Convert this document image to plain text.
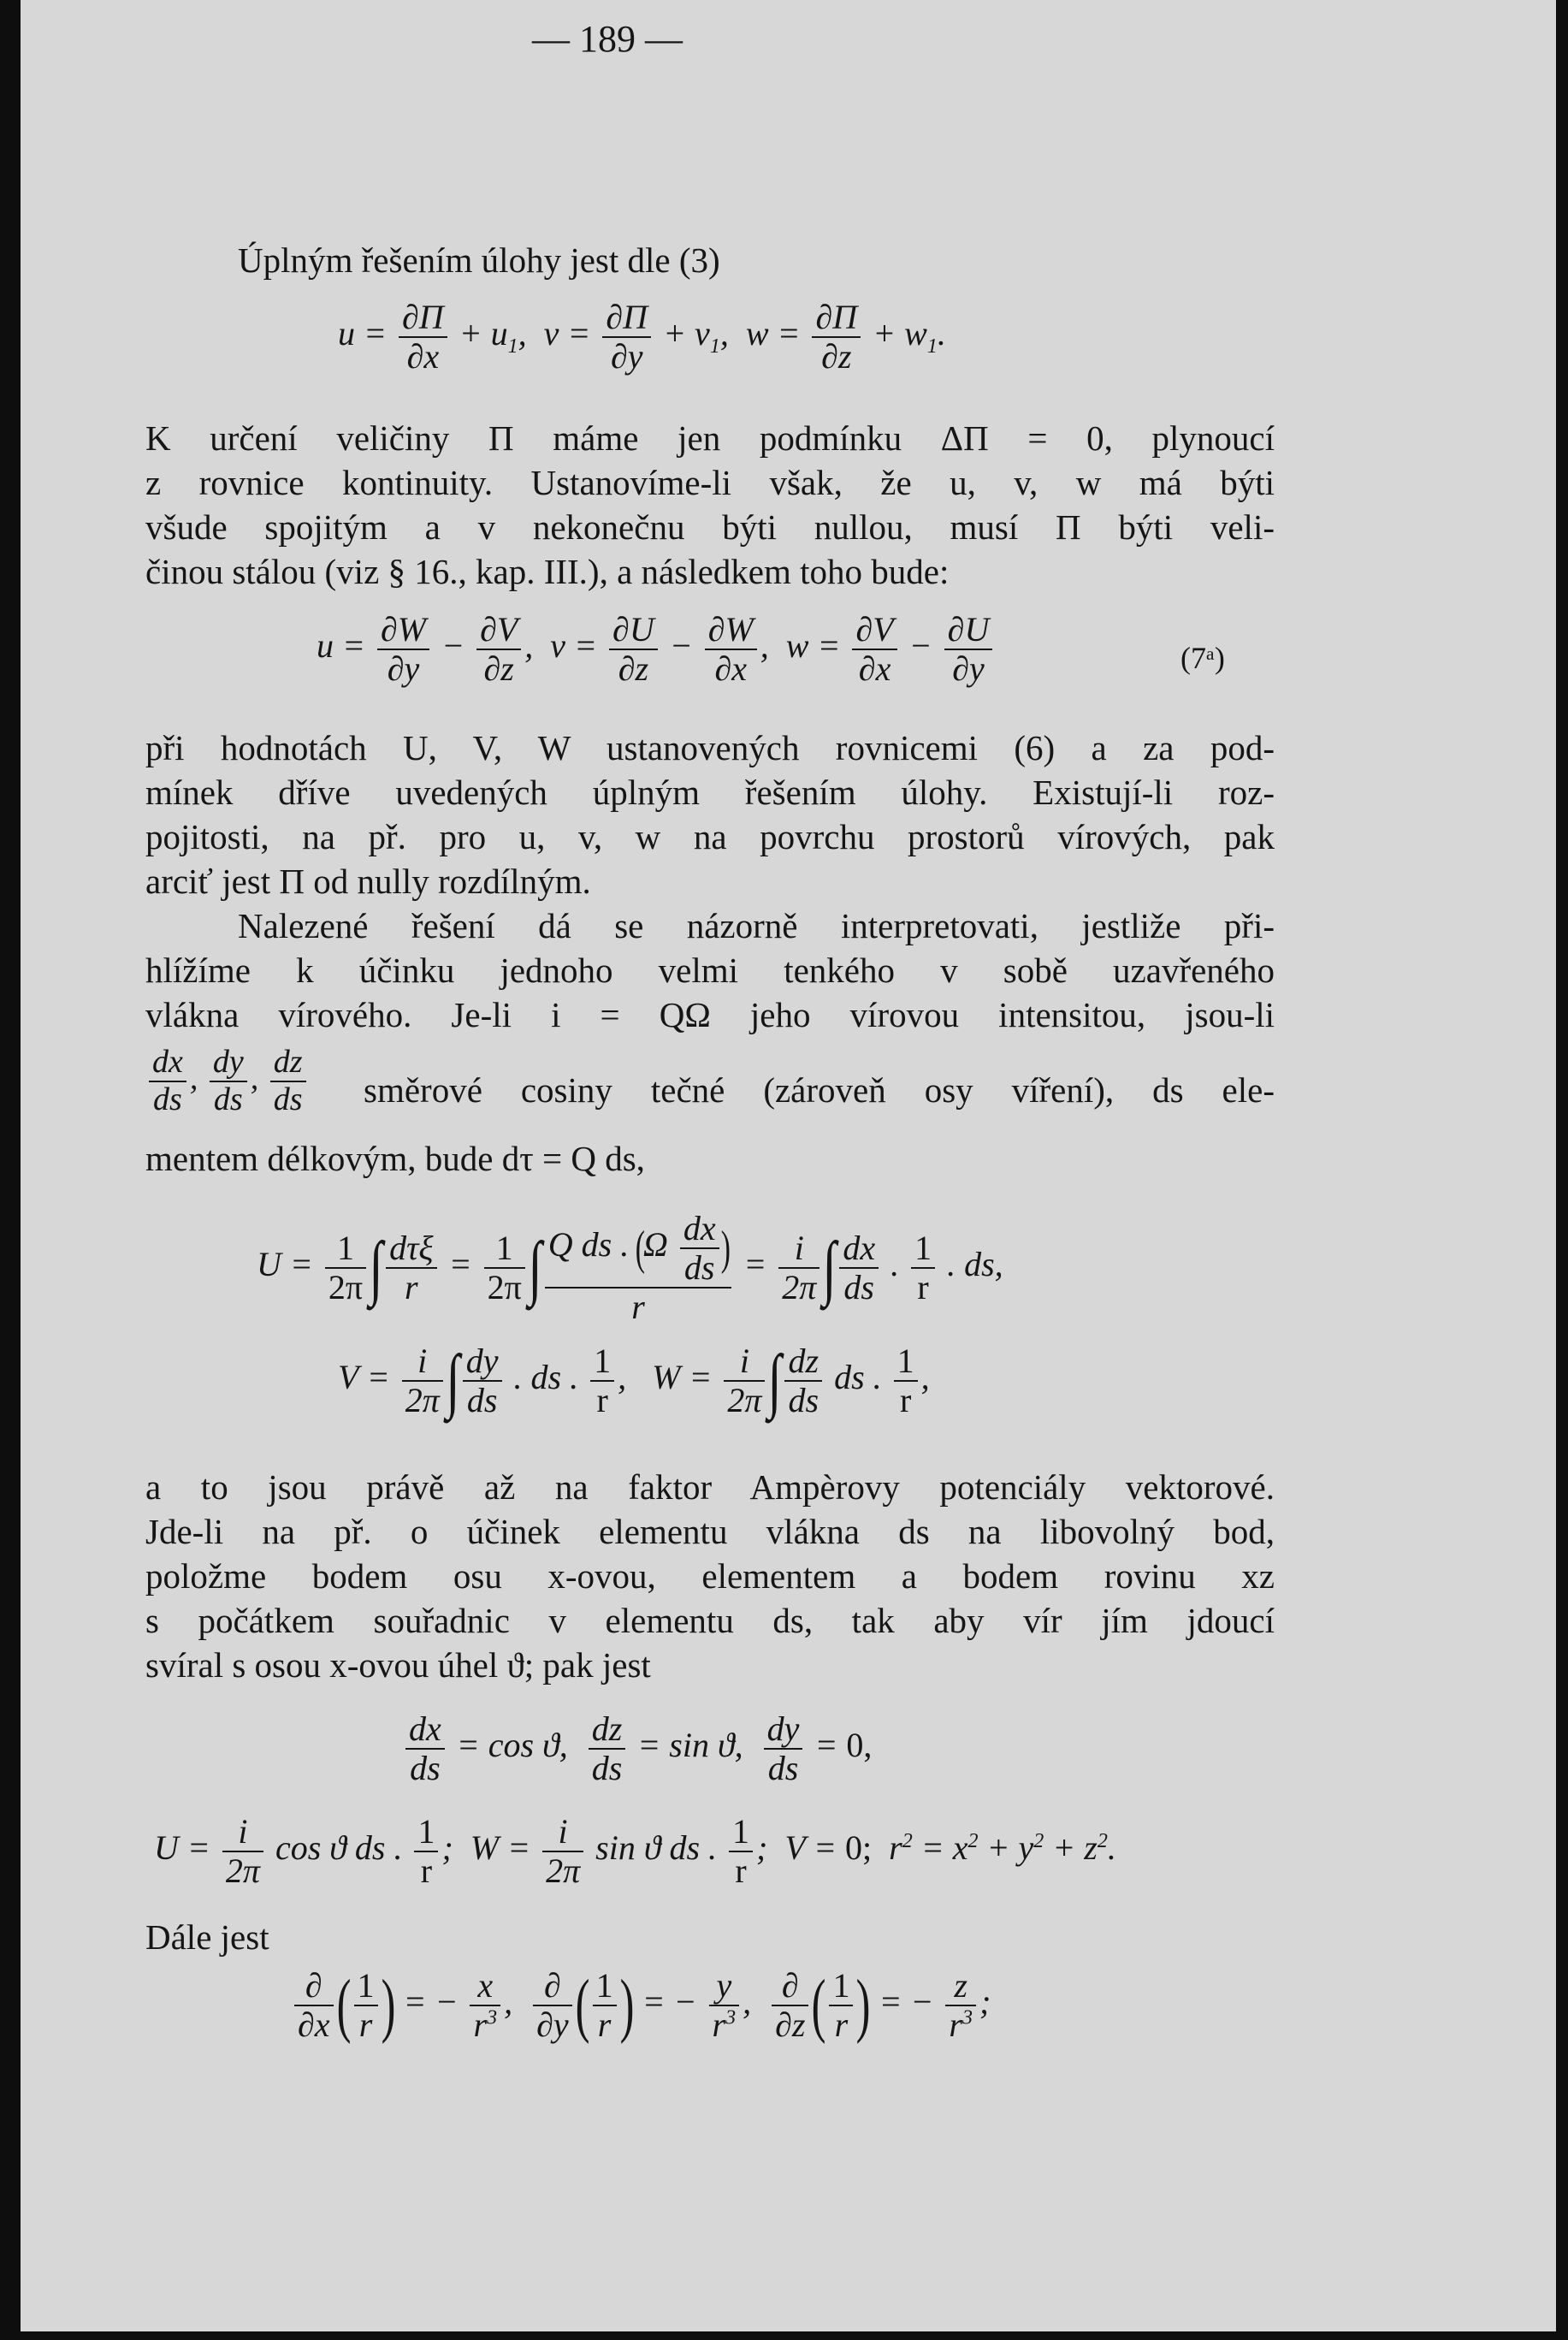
— 189 —
Úplným řešením úlohy jest dle (3)
$u = \frac{\partial\Pi}{\partial x} + u_1$,  $v = \frac{\partial\Pi}{\partial y} + v_1$,  $w = \frac{\partial\Pi}{\partial z} + w_1$.
K určení veličiny Π máme jen podmínku ΔΠ = 0, plynoucí
z rovnice kontinuity. Ustanovíme-li však, že u, v, w má býti
všude spojitým a v nekonečnu býti nullou, musí Π býti veli-
činou stálou (viz § 16., kap. III.), a následkem toho bude:
$u = \frac{\partial W}{\partial y} - \frac{\partial V}{\partial z}$ ,  $v = \frac{\partial U}{\partial z} - \frac{\partial W}{\partial x}$ ,  $w = \frac{\partial V}{\partial x} - \frac{\partial U}{\partial y}$	(7ᵃ)
při hodnotách U, V, W ustanovených rovnicemi (6) a za pod-
mínek dříve uvedených úplným řešením úlohy. Existují-li roz-
pojitosti, na př. pro u, v, w na povrchu prostorů vírových, pak
arciť jest Π od nully rozdílným.
Nalezené řešení dá se názorně interpretovati, jestliže při-
hlížíme k účinku jednoho velmi tenkého v sobě uzavřeného
vlákna vírového. Je-li i = QΩ jeho vírovou intensitou, jsou-li
$\frac{dx}{ds}$ , $\frac{dy}{ds}$ , $\frac{dz}{ds}$ směrové cosiny tečné (zároveň osy víření), ds ele-
mentem délkovým, bude dτ = Q ds,
$U = \frac{1}{2\pi}$ ∫ $\frac{\text{dτξ}}{r} = \frac{1}{2\pi}$ ∫ $\frac{Q ds . (\Omega \frac{dx}{ds} )}{r} = \frac{i}{2\pi}$ ∫ $\frac{dx}{ds}$ . $\frac{1}{r}$ . ds,
$V = \frac{i}{2\pi}$ ∫ $\frac{dy}{ds}$ . ds . $\frac{1}{r}$ ,   $W = \frac{i}{2\pi}$ ∫ $\frac{dz}{ds}$ ds . $\frac{1}{r}$ ,
a to jsou právě až na faktor Ampèrovy potenciály vektorové.
Jde-li na př. o účinek elementu vlákna ds na libovolný bod,
položme bodem osu x-ovou, elementem a bodem rovinu xz
s počátkem souřadnic v elementu ds, tak aby vír jím jdoucí
svíral s osou x-ovou úhel ϑ; pak jest
$\frac{dx}{ds} = \cos ϑ$, $\frac{dz}{ds} = \sin ϑ$, $\frac{dy}{ds} = 0$,
$U = \frac{i}{2\pi}$ cos ϑ ds . $\frac{1}{r}$ ;  $W = \frac{i}{2\pi}$ sin ϑ ds . $\frac{1}{r}$ ;  V = 0;  $r^2 = x^2 + y^2 + z^2$.
Dále jest
$\frac{\partial}{\partial x}$ ( $\frac{1}{r}$ ) = − $\frac{x}{r^3}$ , $\frac{\partial}{\partial y}$ ( $\frac{1}{r}$ ) = − $\frac{y}{r^3}$ , $\frac{\partial}{\partial z}$ ( $\frac{1}{r}$ ) = − $\frac{z}{r^3}$ ;
